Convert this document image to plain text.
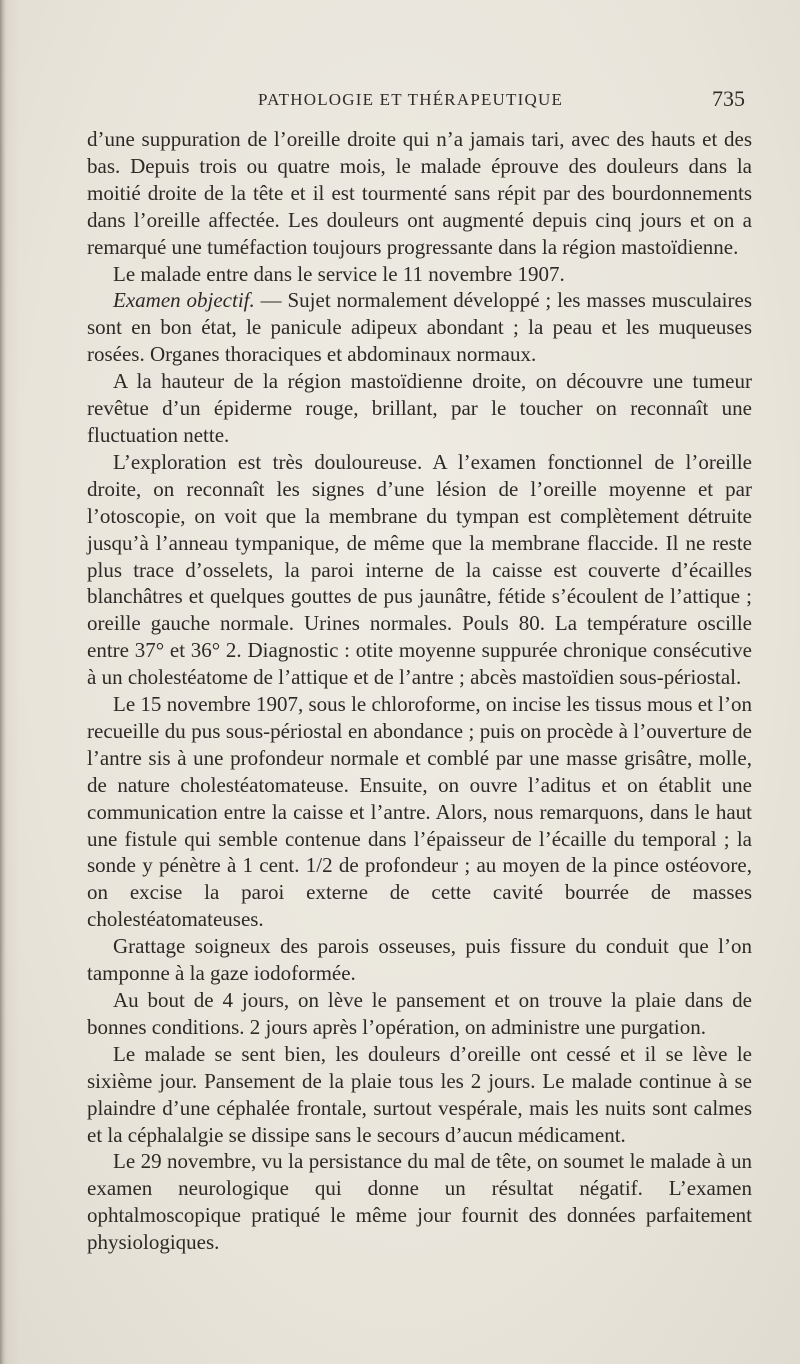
PATHOLOGIE ET THÉRAPEUTIQUE	735

d’une suppuration de l’oreille droite qui n’a jamais tari, avec des hauts et des bas. Depuis trois ou quatre mois, le malade éprouve des douleurs dans la moitié droite de la tête et il est tourmenté sans répit par des bourdonnements dans l’oreille affectée. Les douleurs ont augmenté depuis cinq jours et on a remarqué une tuméfaction toujours progressante dans la région mastoïdienne.

Le malade entre dans le service le 11 novembre 1907.

Examen objectif. — Sujet normalement développé ; les masses musculaires sont en bon état, le panicule adipeux abondant ; la peau et les muqueuses rosées. Organes thoraciques et abdominaux normaux.

A la hauteur de la région mastoïdienne droite, on découvre une tumeur revêtue d’un épiderme rouge, brillant, par le toucher on reconnaît une fluctuation nette.

L’exploration est très douloureuse. A l’examen fonctionnel de l’oreille droite, on reconnaît les signes d’une lésion de l’oreille moyenne et par l’otoscopie, on voit que la membrane du tympan est complètement détruite jusqu’à l’anneau tympanique, de même que la membrane flaccide. Il ne reste plus trace d’osselets, la paroi interne de la caisse est couverte d’écailles blanchâtres et quelques gouttes de pus jaunâtre, fétide s’écoulent de l’attique ; oreille gauche normale. Urines normales. Pouls 80. La température oscille entre 37° et 36° 2. Diagnostic : otite moyenne suppurée chronique consécutive à un cholestéatome de l’attique et de l’antre ; abcès mastoïdien sous-périostal.

Le 15 novembre 1907, sous le chloroforme, on incise les tissus mous et l’on recueille du pus sous-périostal en abondance ; puis on procède à l’ouverture de l’antre sis à une profondeur normale et comblé par une masse grisâtre, molle, de nature cholestéatomateuse. Ensuite, on ouvre l’aditus et on établit une communication entre la caisse et l’antre. Alors, nous remarquons, dans le haut une fistule qui semble contenue dans l’épaisseur de l’écaille du temporal ; la sonde y pénètre à 1 cent. 1/2 de profondeur ; au moyen de la pince ostéovore, on excise la paroi externe de cette cavité bourrée de masses cholestéatomateuses.

Grattage soigneux des parois osseuses, puis fissure du conduit que l’on tamponne à la gaze iodoformée.

Au bout de 4 jours, on lève le pansement et on trouve la plaie dans de bonnes conditions. 2 jours après l’opération, on administre une purgation.

Le malade se sent bien, les douleurs d’oreille ont cessé et il se lève le sixième jour. Pansement de la plaie tous les 2 jours. Le malade continue à se plaindre d’une céphalée frontale, surtout vespérale, mais les nuits sont calmes et la céphalalgie se dissipe sans le secours d’aucun médicament.

Le 29 novembre, vu la persistance du mal de tête, on soumet le malade à un examen neurologique qui donne un résultat négatif. L’examen ophtalmoscopique pratiqué le même jour fournit des données parfaitement physiologiques.
